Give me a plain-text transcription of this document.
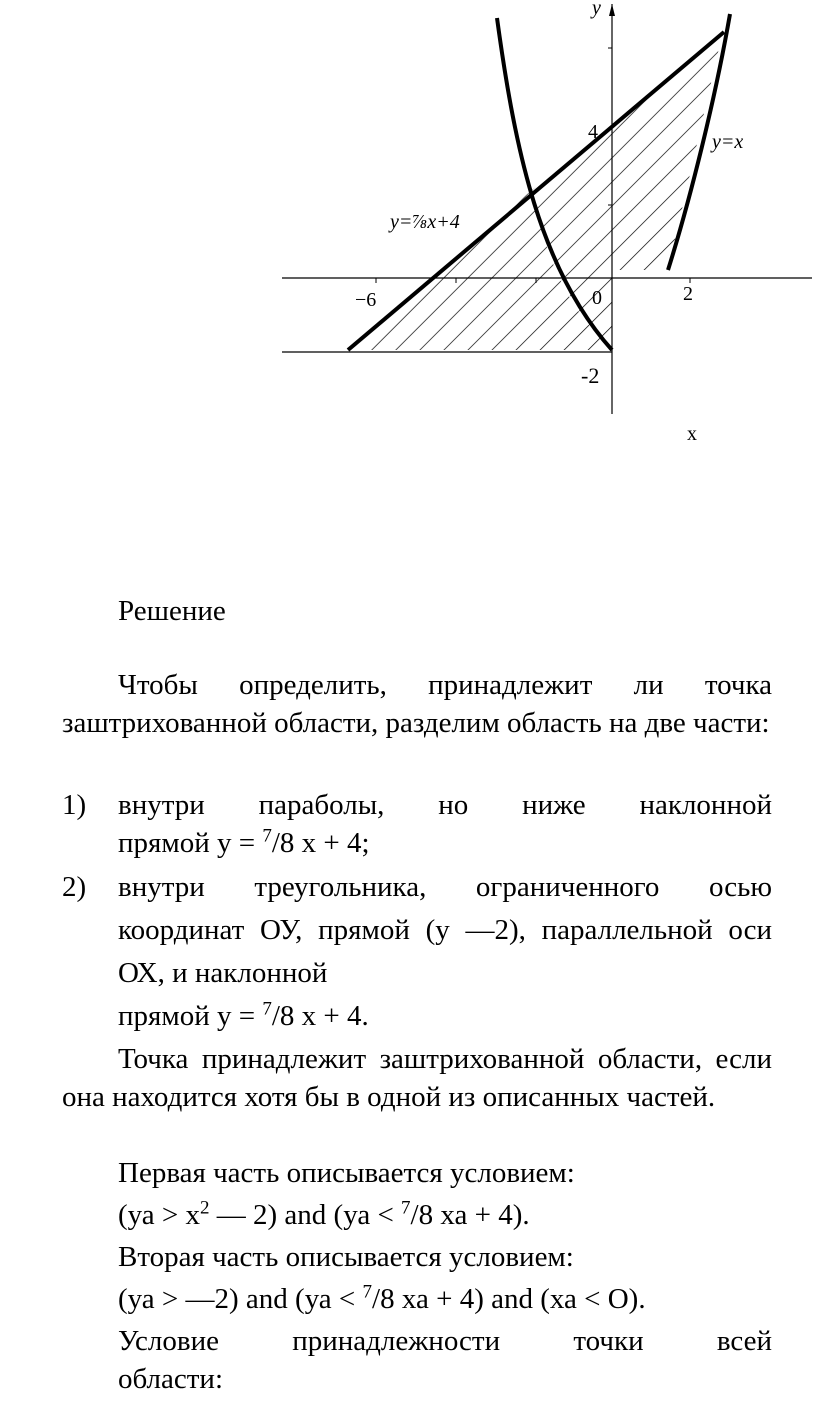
y
4
−6	0	2
-2
x
y=⅞x+4
y=x
Решение

Чтобы определить, принадлежит ли точка заштрихованной области, разделим область на две части:

1) внутри параболы, но ниже наклонной
прямой у = $^7$/8 х + 4;
2) внутри треугольника, ограниченного осью координат ОУ, прямой (у —2), параллельной оси ОХ, и наклонной
прямой у = $^7$/8 х + 4.

Точка принадлежит заштрихованной области, если она находится хотя бы в одной из описанных частей.

Первая часть описывается условием:
($уа > х^2$ — 2) and (уа < $^7$/8 ха + 4).
Вторая часть описывается условием:
(уа > —2) and (уа < $^7$/8 ха + 4) and (ха < О).
Условие принадлежности точки всей
области:
